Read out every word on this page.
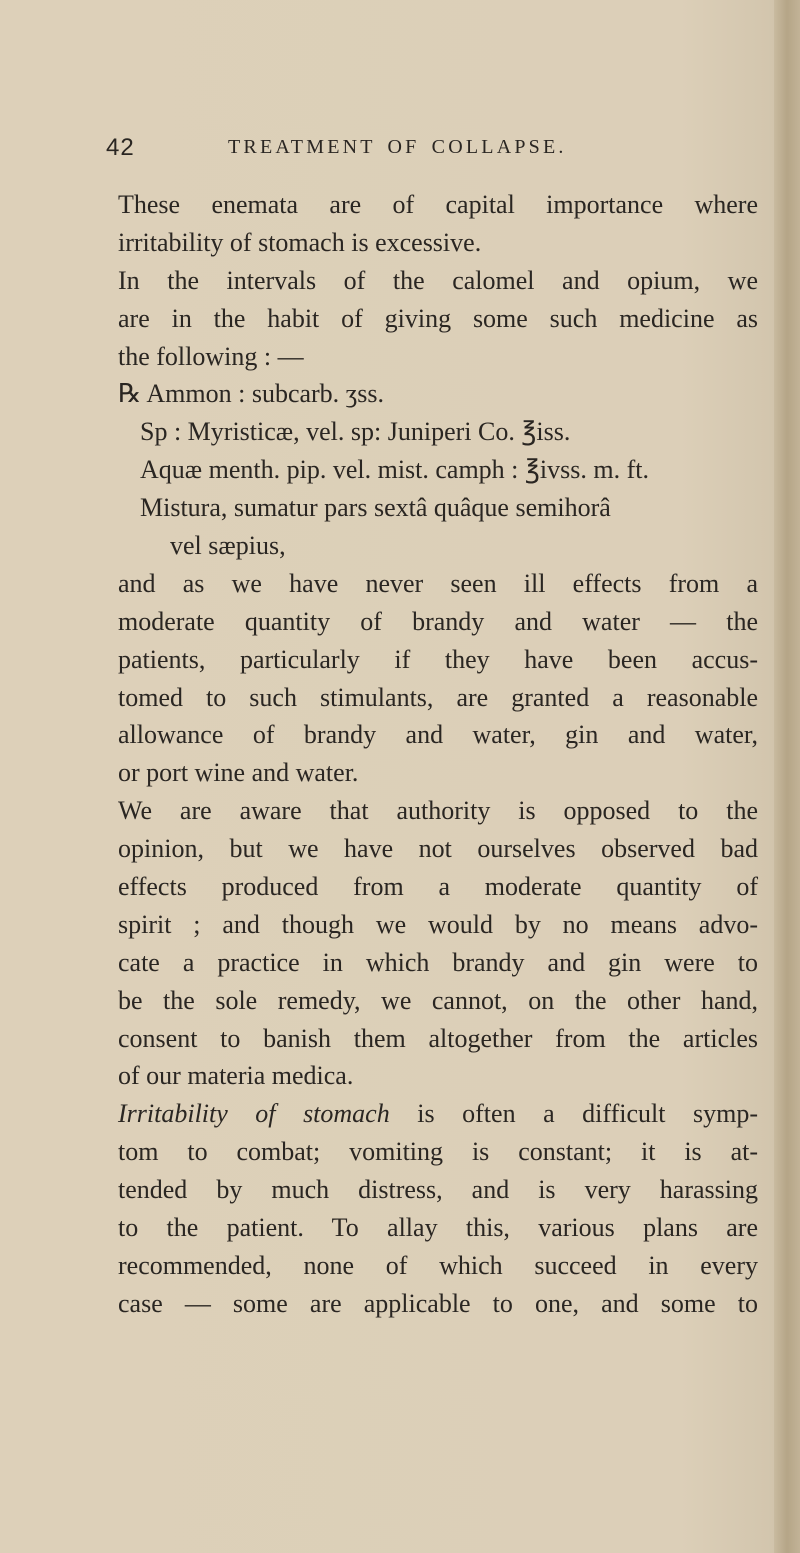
42	TREATMENT OF COLLAPSE.
These enemata are of capital importance where
irritability of stomach is excessive.
In the intervals of the calomel and opium, we
are in the habit of giving some such medicine as
the following : —
℞ Ammon : subcarb. ʒss.
Sp : Myristicæ, vel. sp: Juniperi Co. ℥iss.
Aquæ menth. pip. vel. mist. camph : ℥ivss. m. ft.
Mistura, sumatur pars sextâ quâque semihorâ
vel sæpius,
and as we have never seen ill effects from a
moderate quantity of brandy and water — the
patients, particularly if they have been accus-
tomed to such stimulants, are granted a reasonable
allowance of brandy and water, gin and water,
or port wine and water.
We are aware that authority is opposed to the
opinion, but we have not ourselves observed bad
effects produced from a moderate quantity of
spirit ; and though we would by no means advo-
cate a practice in which brandy and gin were to
be the sole remedy, we cannot, on the other hand,
consent to banish them altogether from the articles
of our materia medica.
Irritability of stomach is often a difficult symp-
tom to combat; vomiting is constant; it is at-
tended by much distress, and is very harassing
to the patient. To allay this, various plans are
recommended, none of which succeed in every
case — some are applicable to one, and some to
